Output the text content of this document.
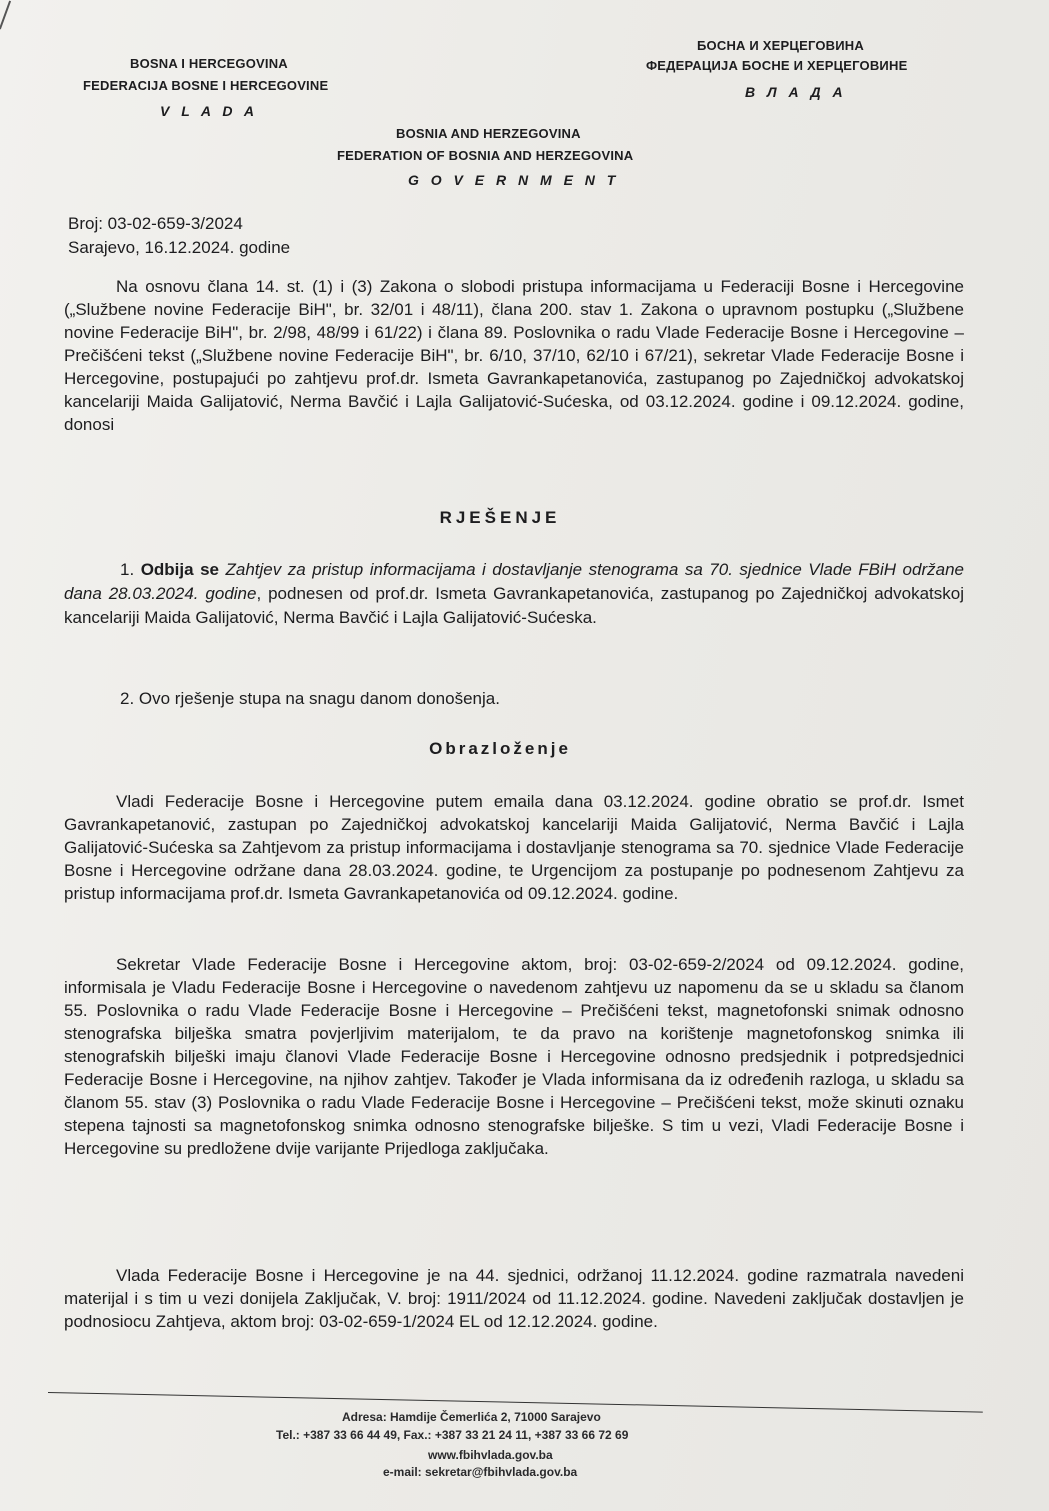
BOSNA I HERCEGOVINA
FEDERACIJA BOSNE I HERCEGOVINE
V L A D A
БОСНА И ХЕРЦЕГОВИНА
ФЕДЕРАЦИЈА БОСНЕ И ХЕРЦЕГОВИНЕ
В Л А Д А
BOSNIA AND HERZEGOVINA
FEDERATION OF BOSNIA AND HERZEGOVINA
G O V E R N M E N T
Broj: 03-02-659-3/2024
Sarajevo, 16.12.2024. godine
Na osnovu člana 14. st. (1) i (3) Zakona o slobodi pristupa informacijama u Federaciji Bosne i Hercegovine („Službene novine Federacije BiH", br. 32/01 i 48/11), člana 200. stav 1. Zakona o upravnom postupku („Službene novine Federacije BiH", br. 2/98, 48/99 i 61/22) i člana 89. Poslovnika o radu Vlade Federacije Bosne i Hercegovine – Prečišćeni tekst („Službene novine Federacije BiH", br. 6/10, 37/10, 62/10 i 67/21), sekretar Vlade Federacije Bosne i Hercegovine, postupajući po zahtjevu prof.dr. Ismeta Gavrankapetanovića, zastupanog po Zajedničkoj advokatskoj kancelariji Maida Galijatović, Nerma Bavčić i Lajla Galijatović-Sućeska, od 03.12.2024. godine i 09.12.2024. godine, donosi
RJEŠENJE
1. Odbija se Zahtjev za pristup informacijama i dostavljanje stenograma sa 70. sjednice Vlade FBiH održane dana 28.03.2024. godine, podnesen od prof.dr. Ismeta Gavrankapetanovića, zastupanog po Zajedničkoj advokatskoj kancelariji Maida Galijatović, Nerma Bavčić i Lajla Galijatović-Sućeska.
2. Ovo rješenje stupa na snagu danom donošenja.
Obrazloženje
Vladi Federacije Bosne i Hercegovine putem emaila dana 03.12.2024. godine obratio se prof.dr. Ismet Gavrankapetanović, zastupan po Zajedničkoj advokatskoj kancelariji Maida Galijatović, Nerma Bavčić i Lajla Galijatović-Sućeska sa Zahtjevom za pristup informacijama i dostavljanje stenograma sa 70. sjednice Vlade Federacije Bosne i Hercegovine održane dana 28.03.2024. godine, te Urgencijom za postupanje po podnesenom Zahtjevu za pristup informacijama prof.dr. Ismeta Gavrankapetanovića od 09.12.2024. godine.
Sekretar Vlade Federacije Bosne i Hercegovine aktom, broj: 03-02-659-2/2024 od 09.12.2024. godine, informisala je Vladu Federacije Bosne i Hercegovine o navedenom zahtjevu uz napomenu da se u skladu sa članom 55. Poslovnika o radu Vlade Federacije Bosne i Hercegovine – Prečišćeni tekst, magnetofonski snimak odnosno stenografska bilješka smatra povjerljivim materijalom, te da pravo na korištenje magnetofonskog snimka ili stenografskih bilješki imaju članovi Vlade Federacije Bosne i Hercegovine odnosno predsjednik i potpredsjednici Federacije Bosne i Hercegovine, na njihov zahtjev. Također je Vlada informisana da iz određenih razloga, u skladu sa članom 55. stav (3) Poslovnika o radu Vlade Federacije Bosne i Hercegovine – Prečišćeni tekst, može skinuti oznaku stepena tajnosti sa magnetofonskog snimka odnosno stenografske bilješke. S tim u vezi, Vladi Federacije Bosne i Hercegovine su predložene dvije varijante Prijedloga zaključaka.
Vlada Federacije Bosne i Hercegovine je na 44. sjednici, održanoj 11.12.2024. godine razmatrala navedeni materijal i s tim u vezi donijela Zaključak, V. broj: 1911/2024 od 11.12.2024. godine. Navedeni zaključak dostavljen je podnosiocu Zahtjeva, aktom broj: 03-02-659-1/2024 EL od 12.12.2024. godine.
Adresa: Hamdije Čemerlića 2, 71000 Sarajevo
Tel.: +387 33 66 44 49, Fax.: +387 33 21 24 11, +387 33 66 72 69
www.fbihvlada.gov.ba
e-mail: sekretar@fbihvlada.gov.ba
